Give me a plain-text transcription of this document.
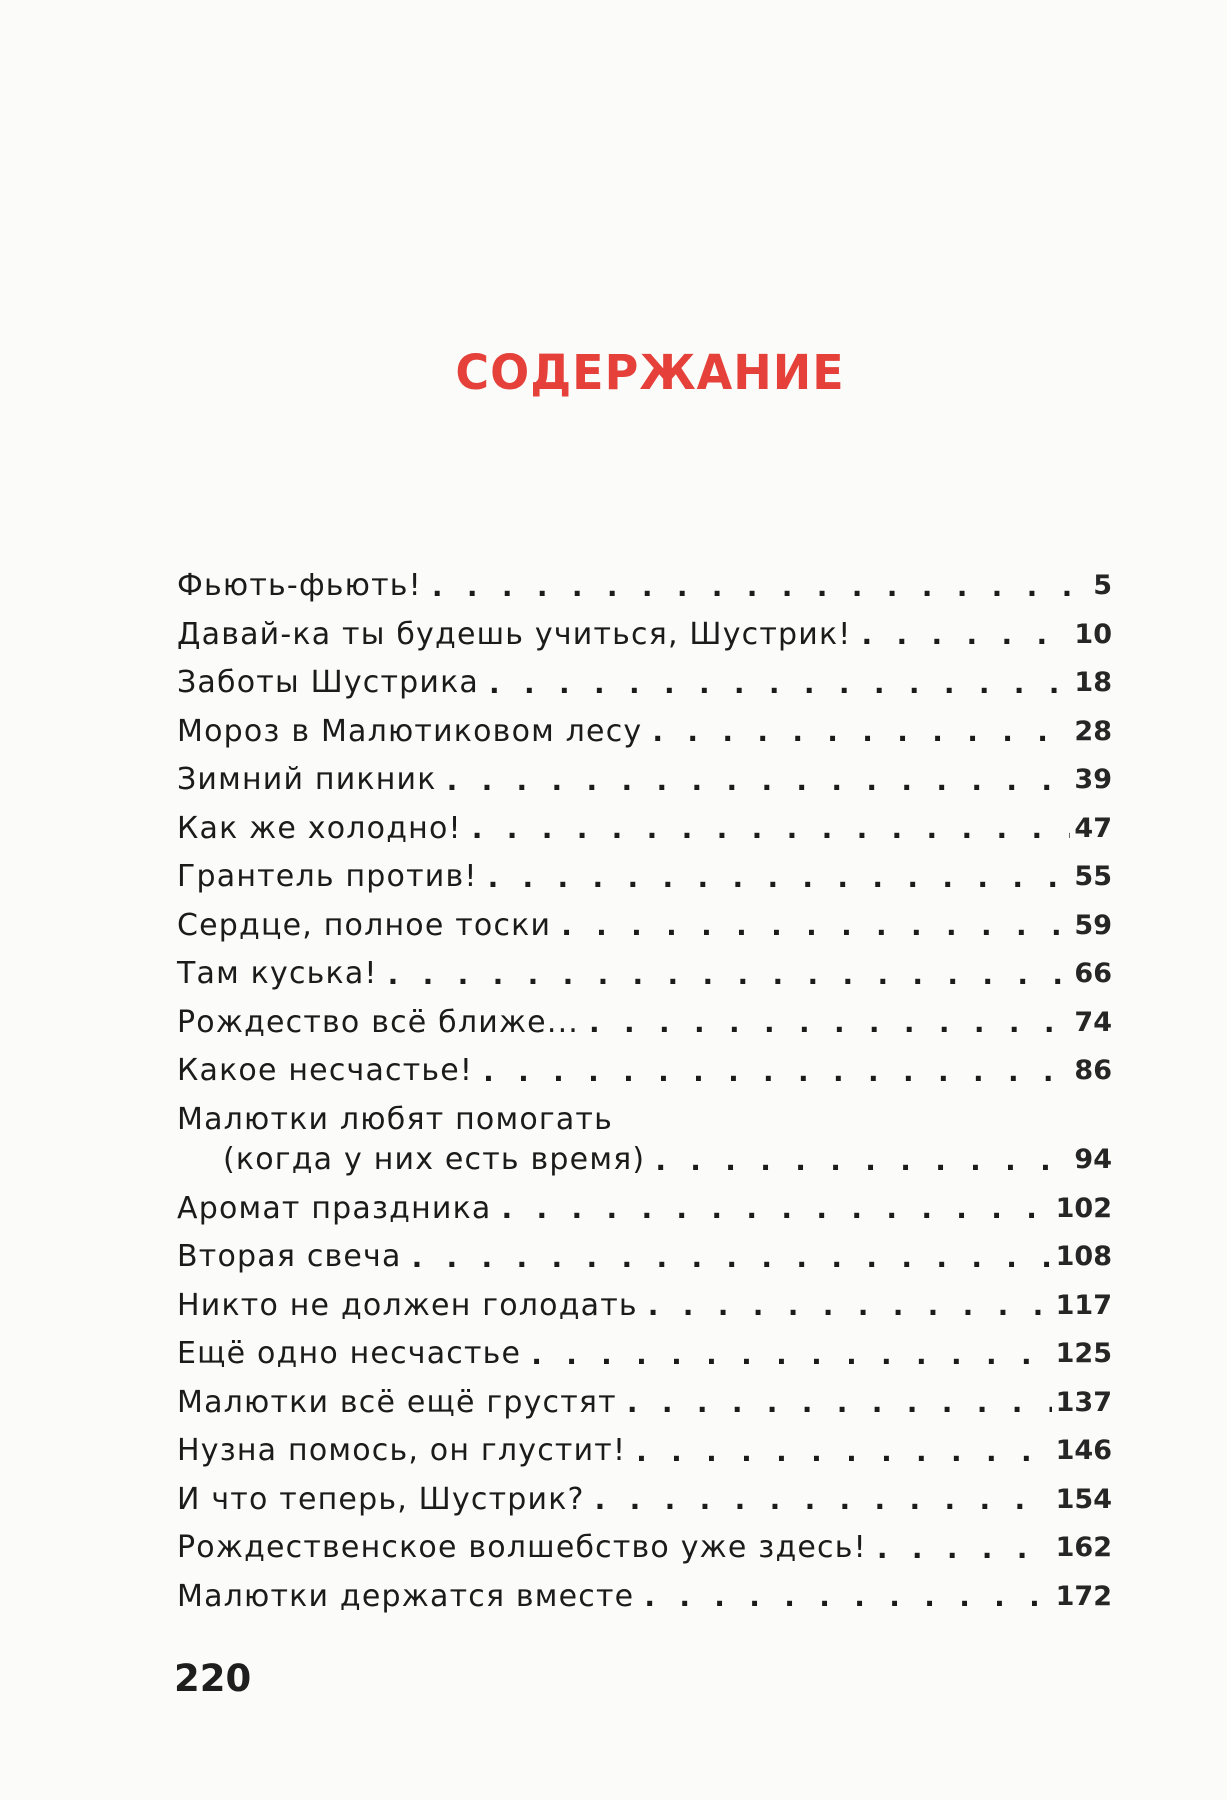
СОДЕРЖАНИЕ
Фьють-фьють! . . .	5
Давай-ка ты будешь учиться, Шустрик! . . .	10
Заботы Шустрика . . .	18
Мороз в Малютиковом лесу . . .	28
Зимний пикник . . .	39
Как же холодно! . . .	47
Грантель против! . . .	55
Сердце, полное тоски . . .	59
Там куська! . . .	66
Рождество всё ближе... . . .	74
Какое несчастье! . . .	86
Малютки любят помогать
(когда у них есть время) . . .	94
Аромат праздника . . .	102
Вторая свеча . . .	108
Никто не должен голодать . . .	117
Ещё одно несчастье . . .	125
Малютки всё ещё грустят . . .	137
Нузна помось, он глустит! . . .	146
И что теперь, Шустрик? . . .	154
Рождественское волшебство уже здесь! . . .	162
Малютки держатся вместе . . .	172
220
